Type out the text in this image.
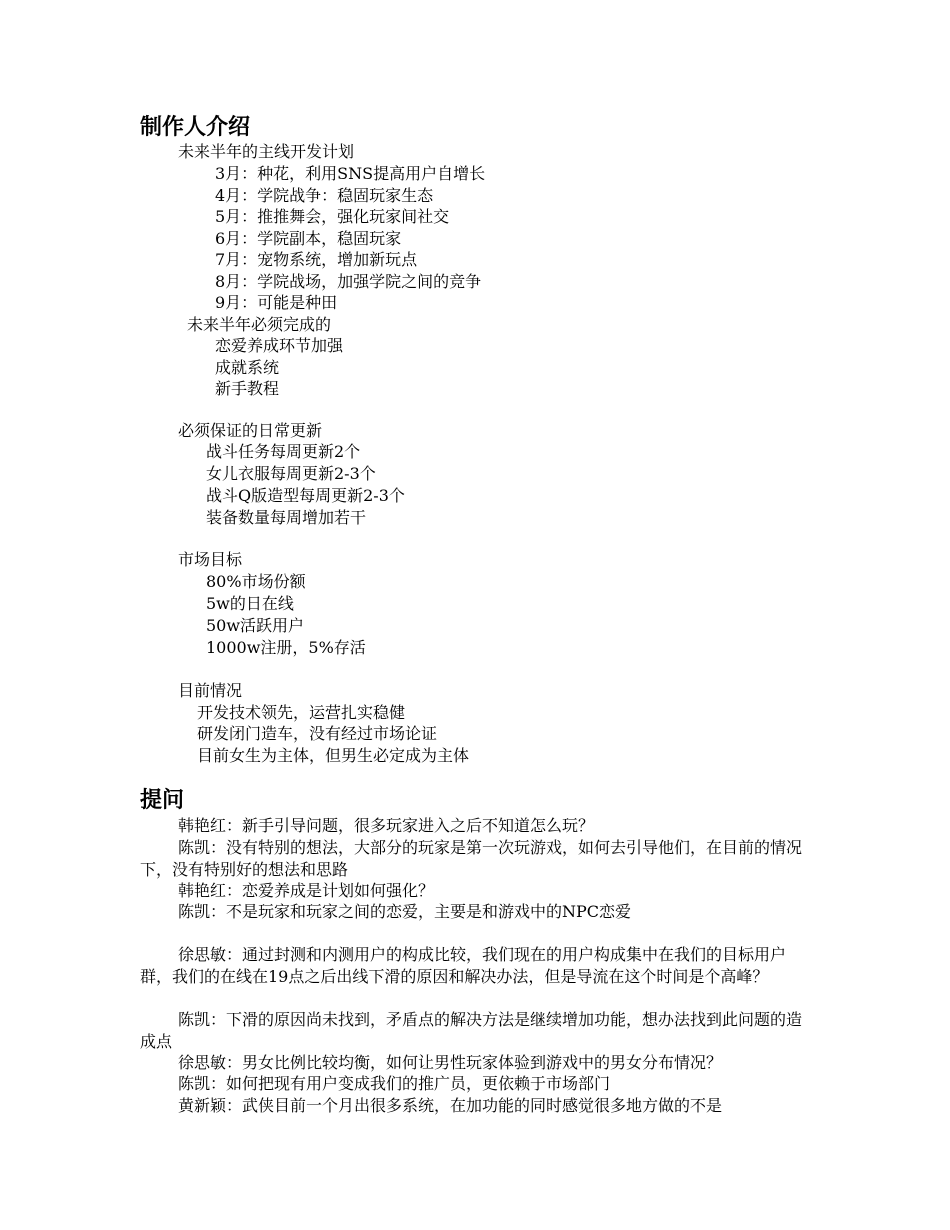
制作人介绍

未来半年的主线开发计划

3月：种花，利用SNS提高用户自增长

4月：学院战争：稳固玩家生态

5月：推推舞会，强化玩家间社交

6月：学院副本，稳固玩家

7月：宠物系统，增加新玩点

8月：学院战场，加强学院之间的竞争

9月：可能是种田

未来半年必须完成的

恋爱养成环节加强

成就系统

新手教程

必须保证的日常更新

战斗任务每周更新2个

女儿衣服每周更新2-3个

战斗Q版造型每周更新2-3个

装备数量每周增加若干

市场目标

80%市场份额

5w的日在线

50w活跃用户

1000w注册，5%存活

目前情况

开发技术领先，运营扎实稳健

研发闭门造车，没有经过市场论证

目前女生为主体，但男生必定成为主体

提问

韩艳红：新手引导问题，很多玩家进入之后不知道怎么玩？

陈凯：没有特别的想法，大部分的玩家是第一次玩游戏，如何去引导他们，在目前的情况下，没有特别好的想法和思路

韩艳红：恋爱养成是计划如何强化？

陈凯：不是玩家和玩家之间的恋爱，主要是和游戏中的NPC恋爱

徐思敏：通过封测和内测用户的构成比较，我们现在的用户构成集中在我们的目标用户群，我们的在线在19点之后出线下滑的原因和解决办法，但是导流在这个时间是个高峰？

陈凯：下滑的原因尚未找到，矛盾点的解决方法是继续增加功能，想办法找到此问题的造成点

徐思敏：男女比例比较均衡，如何让男性玩家体验到游戏中的男女分布情况？

陈凯：如何把现有用户变成我们的推广员，更依赖于市场部门

黄新颖：武侠目前一个月出很多系统，在加功能的同时感觉很多地方做的不是
